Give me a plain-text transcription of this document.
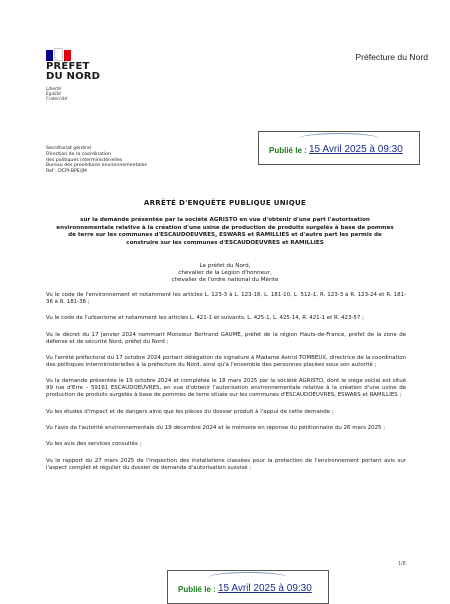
PRÉFET
DU NORD
Liberté
Égalité
Fraternité
Préfecture du Nord
Publié le : 15 Avril 2025 à 09:30
Secrétariat général
Direction de la coordination
des politiques interministérielles
Bureau des procédures environnementales
Ref : DCPI-BPE/JM
ARRÊTÉ D'ENQUÊTE PUBLIQUE UNIQUE
sur la demande présentée par la société AGRISTO en vue d'obtenir d'une part l'autorisation environnementale relative à la création d'une usine de production de produits surgelés à base de pommes de terre sur les communes d'ESCAUDOEUVRES, ESWARS et RAMILLIES et d'autre part les permis de construire sur les communes d'ESCAUDOEUVRES et RAMILLIES
Le préfet du Nord,
chevalier de la Légion d'honneur,
chevalier de l'ordre national du Mérite

Vu le code de l'environnement et notamment les articles L. 123-3 à L. 123-18, L. 181-10, L. 512-1, R. 123-3 à R. 123-24 et R. 181-36 à R. 181-38 ;

Vu le code de l'urbanisme et notamment les articles L. 421-1 et suivants, L. 425-1, L. 425-14, R. 421-1 et R. 423-57 ;

Vu le décret du 17 janvier 2024 nommant Monsieur Bertrand GAUME, préfet de la région Hauts-de-France, préfet de la zone de défense et de sécurité Nord, préfet du Nord ;

Vu l'arrêté préfectoral du 17 octobre 2024 portant délégation de signature à Madame Astrid TOMBEUX, directrice de la coordination des politiques interministérielles à la préfecture du Nord, ainsi qu'à l'ensemble des personnes placées sous son autorité ;

Vu la demande présentée le 19 octobre 2024 et complétée le 18 mars 2025 par la société AGRISTO, dont le siège social est situé 99 rue d'Erre – 59161 ESCAUDOEUVRES, en vue d'obtenir l'autorisation environnementale relative à la création d'une usine de production de produits surgelés à base de pommes de terre située sur les communes d'ESCAUDOEUVRES, ESWARS et RAMILLIES ;

Vu les études d'impact et de dangers ainsi que les pièces du dossier produit à l'appui de cette demande ;

Vu l'avis de l'autorité environnementale du 19 décembre 2024 et le mémoire en réponse du pétitionnaire du 26 mars 2025 ;

Vu les avis des services consultés ;

Vu le rapport du 27 mars 2025 de l'inspection des installations classées pour la protection de l'environnement portant avis sur l'aspect complet et régulier du dossier de demande d'autorisation susvisé ;

1/8
Publié le : 15 Avril 2025 à 09:30
